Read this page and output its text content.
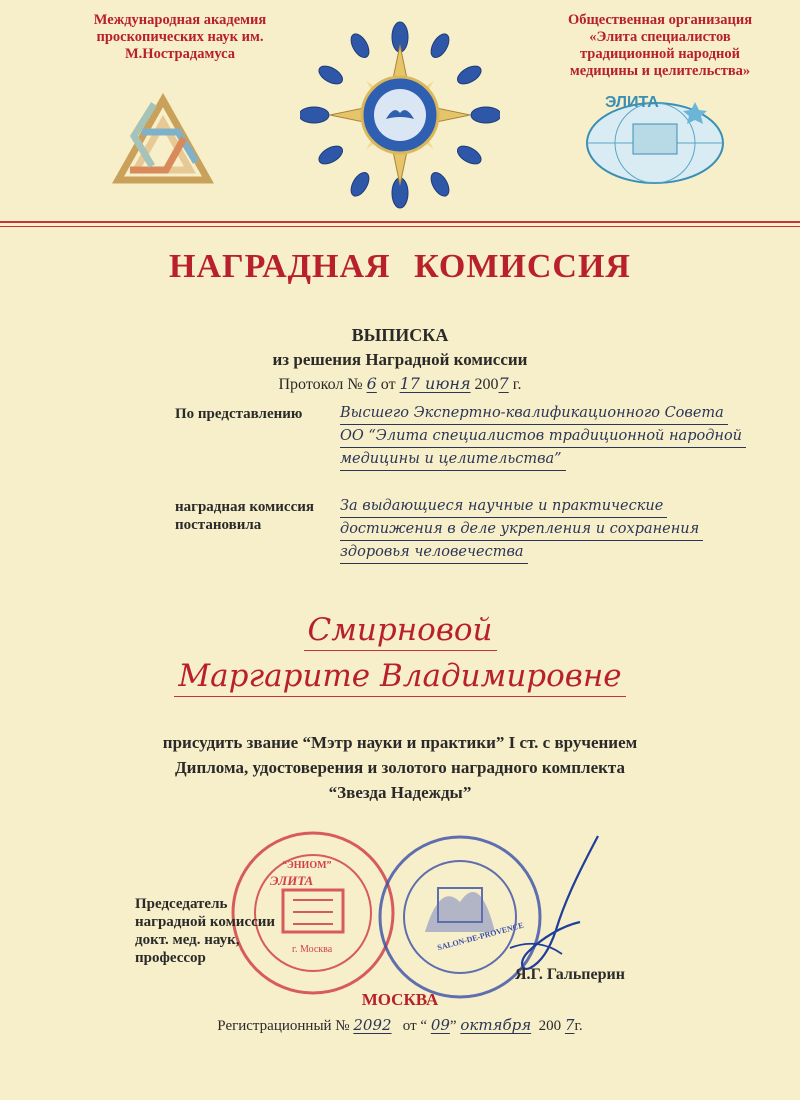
Международная академия
проскопических наук им.
М.Нострадамуса
Общественная организация
«Элита специалистов
традиционной народной
медицины и целительства»
ЭЛИТА
НАГРАДНАЯ КОМИССИЯ
ВЫПИСКА
из решения Наградной комиссии
Протокол № 6 от 17 июня 2007 г.
По представлению	Высшего Экспертно-квалификационного Совета
ОО “Элита специалистов традиционной народной
медицины и целительства”
наградная комиссия
постановила
За выдающиеся научные и практические
достижения в деле укрепления и сохранения
здоровья человечества
Смирновой
Маргарите Владимировне
присудить звание “Мэтр науки и практики” I ст. с вручением
Диплома, удостоверения и золотого наградного комплекта
“Звезда Надежды”
“ЭНИОМ”
ЭЛИТА
г. Москва	SALON-DE-PROVENCE
Председатель
наградной комиссии
докт. мед. наук,
профессор
Я.Г. Гальперин
МОСКВА
Регистрационный № 2092 от “ 09” октября 200 7г.
